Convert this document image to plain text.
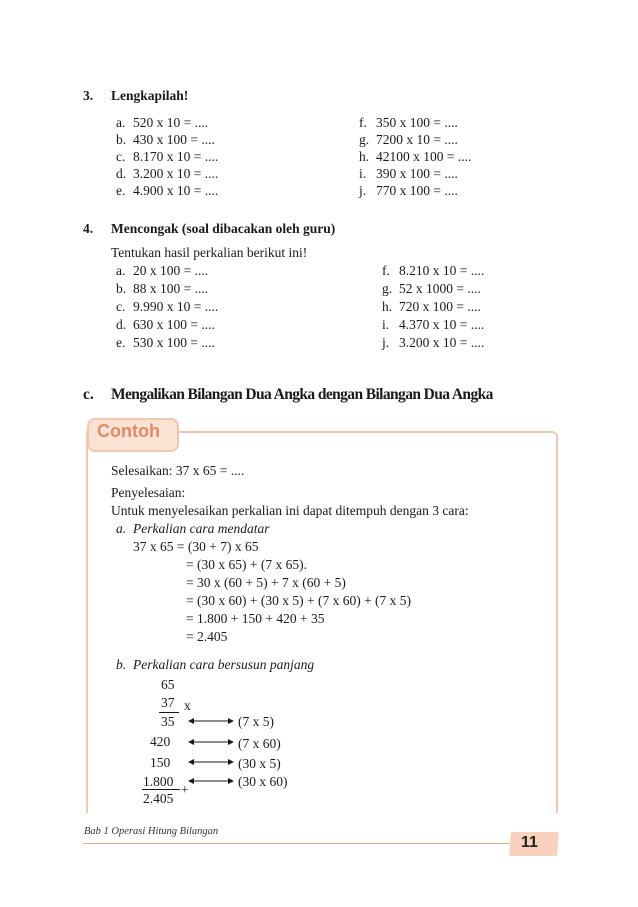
3. Lengkapilah!
a. 520 x 10 = ....
b. 430 x 100 = ....
c. 8.170 x 10 = ....
d. 3.200 x 10 = ....
e. 4.900 x 10 = ....
f. 350 x 100 = ....
g. 7200 x 10 = ....
h. 42100 x 100 = ....
i. 390 x 100 = ....
j. 770 x 100 = ....
4. Mencongak (soal dibacakan oleh guru)
Tentukan hasil perkalian berikut ini!
a. 20 x 100 = ....
b. 88 x 100 = ....
c. 9.990 x 10 = ....
d. 630 x 100 = ....
e. 530 x 100 = ....
f. 8.210 x 10 = ....
g. 52 x 1000 = ....
h. 720 x 100 = ....
i. 4.370 x 10 = ....
j. 3.200 x 10 = ....
c. Mengalikan Bilangan Dua Angka dengan Bilangan Dua Angka
Contoh
Selesaikan: 37 x 65 = ....
Penyelesaian:
Untuk menyelesaikan perkalian ini dapat ditempuh dengan 3 cara:
a. Perkalian cara mendatar
37 x 65 = (30 + 7) x 65
= (30 x 65) + (7 x 65).
= 30 x (60 + 5) + 7 x (60 + 5)
= (30 x 60) + (30 x 5) + (7 x 60) + (7 x 5)
= 1.800 + 150 + 420 + 35
= 2.405
b. Perkalian cara bersusun panjang
65
37 x
35
420
150
1.800
+
2.405
(7 x 5)
(7 x 60)
(30 x 5)
(30 x 60)
Bab 1 Operasi Hitung Bilangan
11
